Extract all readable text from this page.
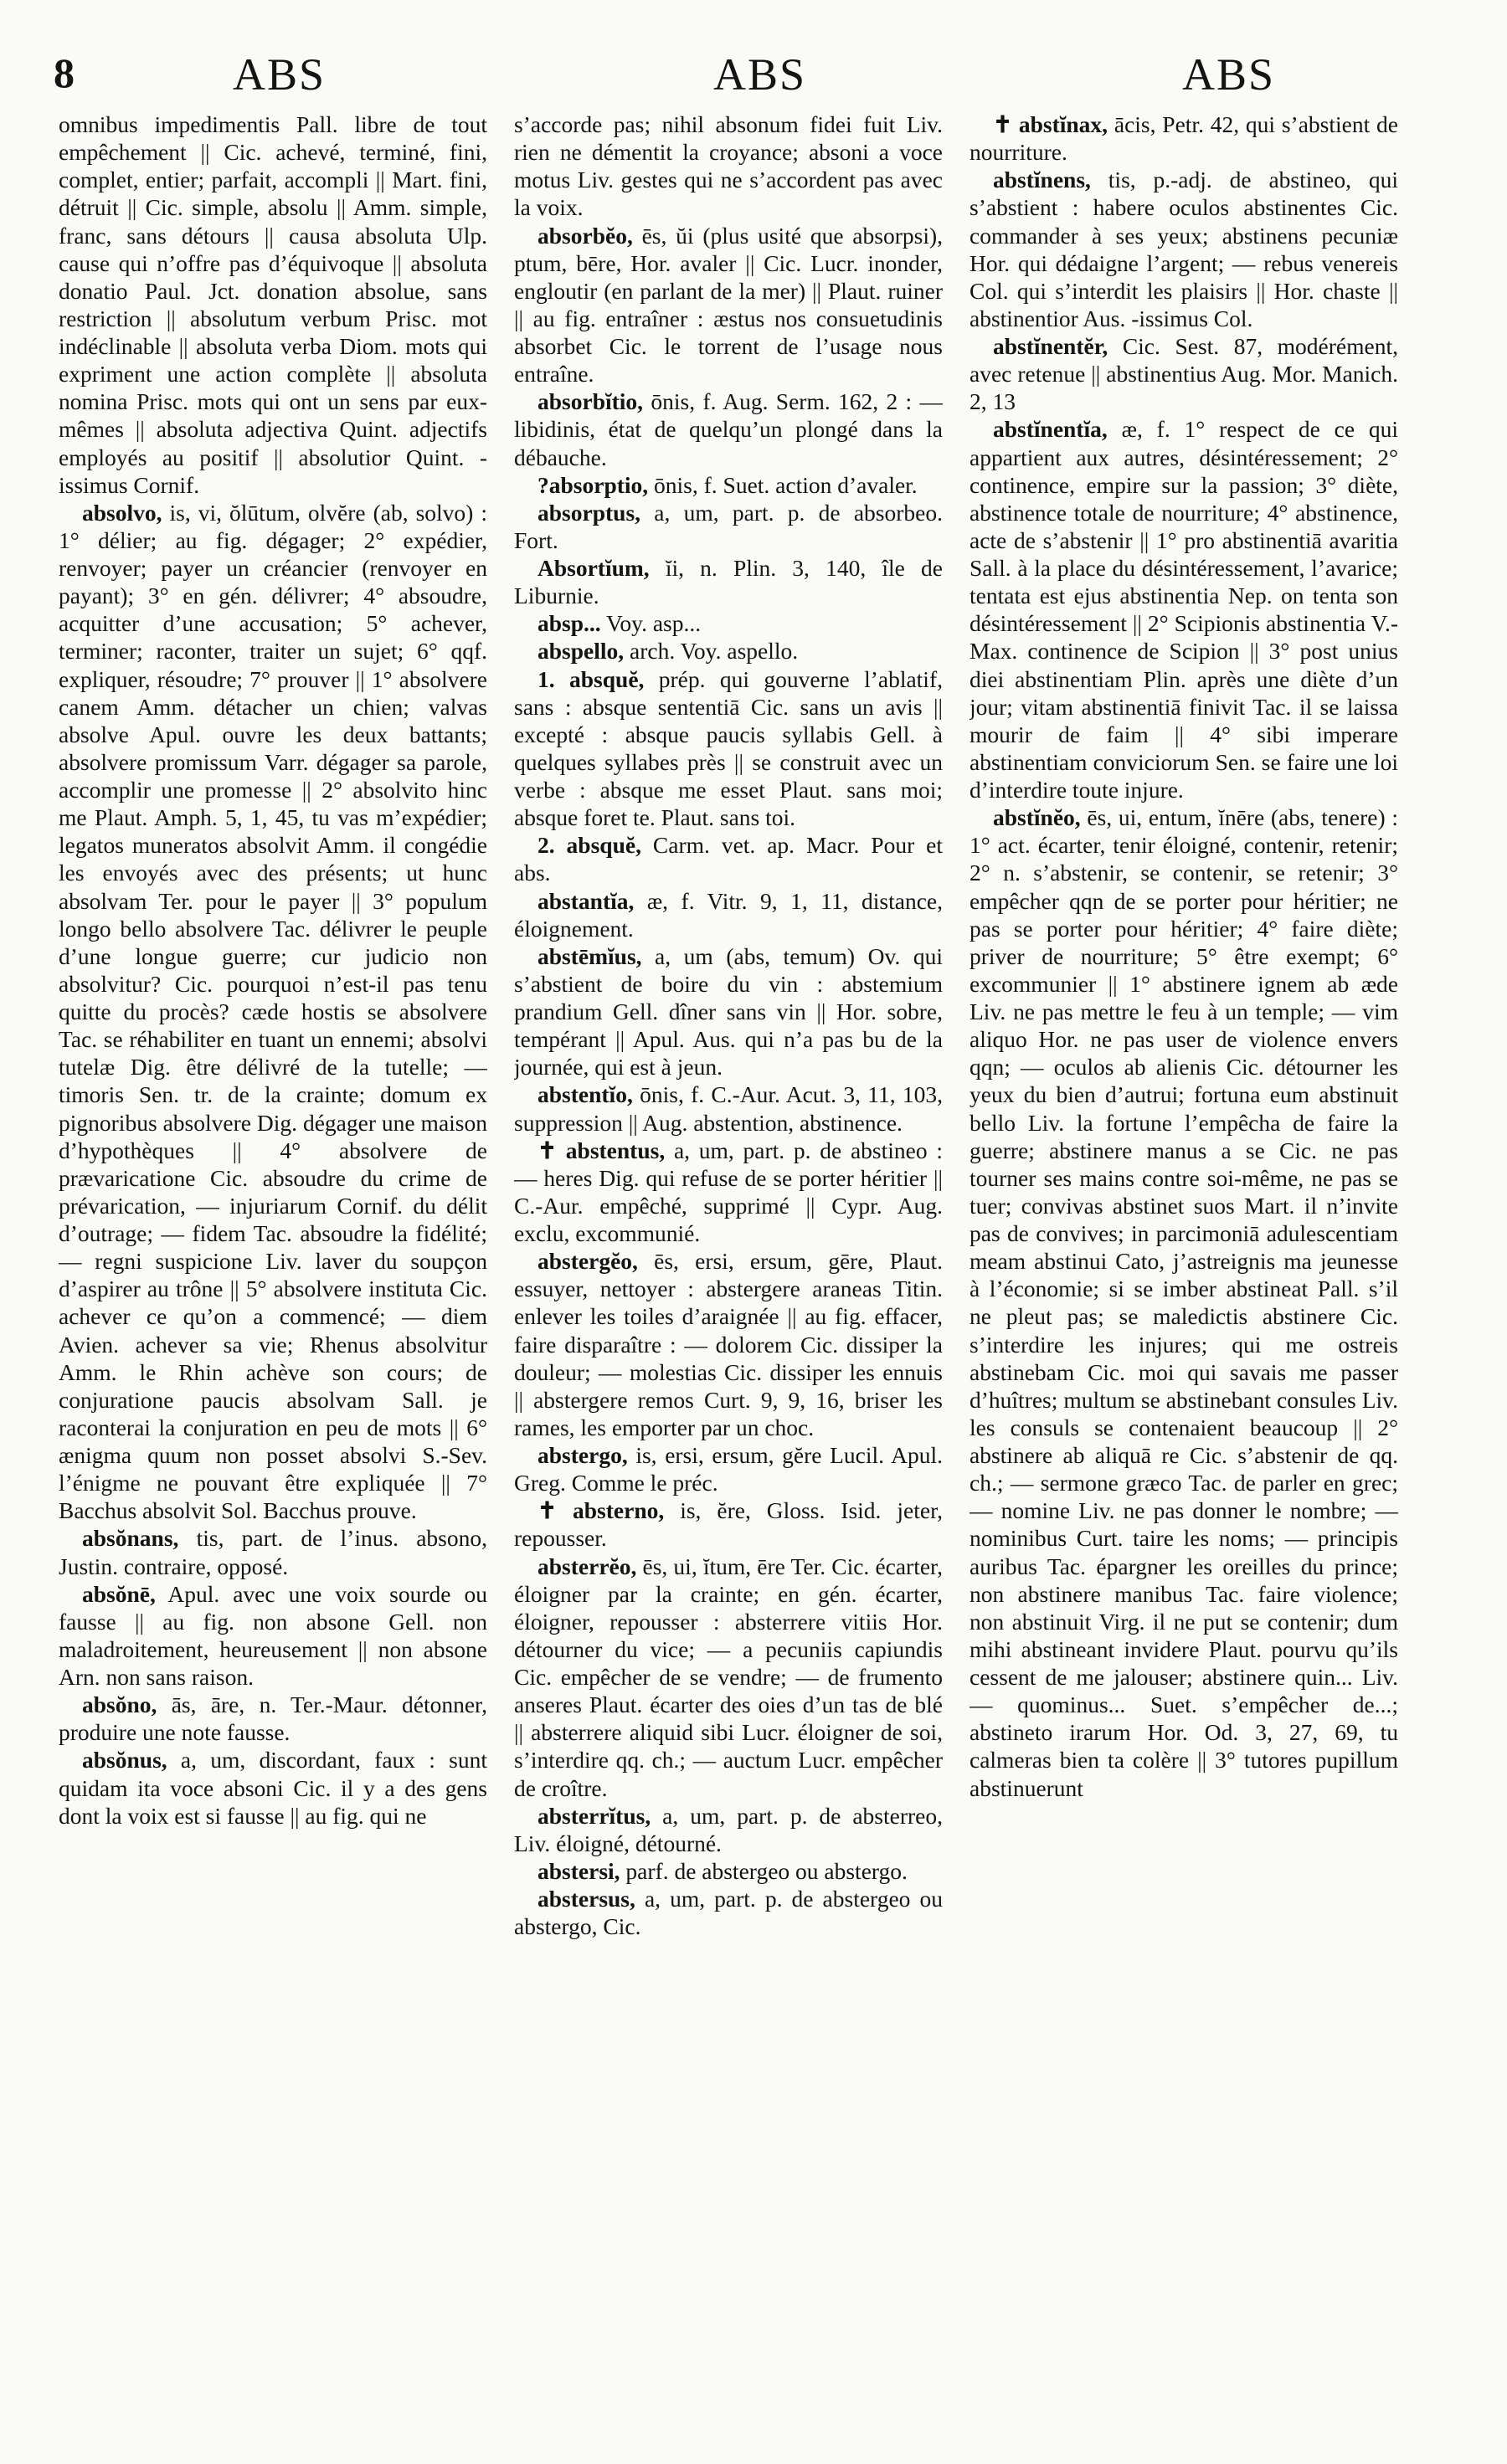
8	ABS	ABS	ABS

omnibus impedimentis Pall. libre de tout empêchement || Cic. achevé, terminé, fini, complet, entier; parfait, accompli || Mart. fini, détruit || Cic. simple, absolu || Amm. simple, franc, sans détours || causa absoluta Ulp. cause qui n’offre pas d’équivoque || absoluta donatio Paul. Jct. donation absolue, sans restriction || absolutum verbum Prisc. mot indéclinable || absoluta verba Diom. mots qui expriment une action complète || absoluta nomina Prisc. mots qui ont un sens par eux-mêmes || absoluta adjectiva Quint. adjectifs employés au positif || absolutior Quint. -issimus Cornif.

absolvo, is, vi, ŏlūtum, olvĕre (ab, solvo) : 1° délier; au fig. dégager; 2° expédier, renvoyer; payer un créancier (renvoyer en payant); 3° en gén. délivrer; 4° absoudre, acquitter d’une accusation; 5° achever, terminer; raconter, traiter un sujet; 6° qqf. expliquer, résoudre; 7° prouver || 1° absolvere canem Amm. détacher un chien; valvas absolve Apul. ouvre les deux battants; absolvere promissum Varr. dégager sa parole, accomplir une promesse || 2° absolvito hinc me Plaut. Amph. 5, 1, 45, tu vas m’expédier; legatos muneratos absolvit Amm. il congédie les envoyés avec des présents; ut hunc absolvam Ter. pour le payer || 3° populum longo bello absolvere Tac. délivrer le peuple d’une longue guerre; cur judicio non absolvitur? Cic. pourquoi n’est-il pas tenu quitte du procès? cæde hostis se absolvere Tac. se réhabiliter en tuant un ennemi; absolvi tutelæ Dig. être délivré de la tutelle; — timoris Sen. tr. de la crainte; domum ex pignoribus absolvere Dig. dégager une maison d’hypothèques || 4° absolvere de prævaricatione Cic. absoudre du crime de prévarication, — injuriarum Cornif. du délit d’outrage; — fidem Tac. absoudre la fidélité; — regni suspicione Liv. laver du soupçon d’aspirer au trône || 5° absolvere instituta Cic. achever ce qu’on a commencé; — diem Avien. achever sa vie; Rhenus absolvitur Amm. le Rhin achève son cours; de conjuratione paucis absolvam Sall. je raconterai la conjuration en peu de mots || 6° ænigma quum non posset absolvi S.-Sev. l’énigme ne pouvant être expliquée || 7° Bacchus absolvit Sol. Bacchus prouve.

absŏnans, tis, part. de l’inus. absono, Justin. contraire, opposé.

absŏnē, Apul. avec une voix sourde ou fausse || au fig. non absone Gell. non maladroitement, heureusement || non absone Arn. non sans raison.

absŏno, ās, āre, n. Ter.-Maur. détonner, produire une note fausse.

absŏnus, a, um, discordant, faux : sunt quidam ita voce absoni Cic. il y a des gens dont la voix est si fausse || au fig. qui ne

s’accorde pas; nihil absonum fidei fuit Liv. rien ne démentit la croyance; absoni a voce motus Liv. gestes qui ne s’accordent pas avec la voix.

absorbĕo, ēs, ŭi (plus usité que absorpsi), ptum, bēre, Hor. avaler || Cic. Lucr. inonder, engloutir (en parlant de la mer) || Plaut. ruiner || au fig. entraîner : æstus nos consuetudinis absorbet Cic. le torrent de l’usage nous entraîne.

absorbĭtio, ōnis, f. Aug. Serm. 162, 2 : — libidinis, état de quelqu’un plongé dans la débauche.

?absorptio, ōnis, f. Suet. action d’avaler.

absorptus, a, um, part. p. de absorbeo. Fort.

Absortĭum, ĭi, n. Plin. 3, 140, île de Liburnie.

absp... Voy. asp...

abspello, arch. Voy. aspello.

1. absquĕ, prép. qui gouverne l’ablatif, sans : absque sententiā Cic. sans un avis || excepté : absque paucis syllabis Gell. à quelques syllabes près || se construit avec un verbe : absque me esset Plaut. sans moi; absque foret te. Plaut. sans toi.

2. absquĕ, Carm. vet. ap. Macr. Pour et abs.

abstantĭa, æ, f. Vitr. 9, 1, 11, distance, éloignement.

abstēmĭus, a, um (abs, temum) Ov. qui s’abstient de boire du vin : abstemium prandium Gell. dîner sans vin || Hor. sobre, tempérant || Apul. Aus. qui n’a pas bu de la journée, qui est à jeun.

abstentĭo, ōnis, f. C.-Aur. Acut. 3, 11, 103, suppression || Aug. abstention, abstinence.

✝ abstentus, a, um, part. p. de abstineo : — heres Dig. qui refuse de se porter héritier || C.-Aur. empêché, supprimé || Cypr. Aug. exclu, excommunié.

abstergĕo, ēs, ersi, ersum, gēre, Plaut. essuyer, nettoyer : abstergere araneas Titin. enlever les toiles d’araignée || au fig. effacer, faire disparaître : — dolorem Cic. dissiper la douleur; — molestias Cic. dissiper les ennuis || abstergere remos Curt. 9, 9, 16, briser les rames, les emporter par un choc.

abstergo, is, ersi, ersum, gĕre Lucil. Apul. Greg. Comme le préc.

✝ absterno, is, ĕre, Gloss. Isid. jeter, repousser.

absterrĕo, ēs, ui, ĭtum, ēre Ter. Cic. écarter, éloigner par la crainte; en gén. écarter, éloigner, repousser : absterrere vitiis Hor. détourner du vice; — a pecuniis capiundis Cic. empêcher de se vendre; — de frumento anseres Plaut. écarter des oies d’un tas de blé || absterrere aliquid sibi Lucr. éloigner de soi, s’interdire qq. ch.; — auctum Lucr. empêcher de croître.

absterrĭtus, a, um, part. p. de absterreo, Liv. éloigné, détourné.

abstersi, parf. de abstergeo ou abstergo.

abstersus, a, um, part. p. de abstergeo ou abstergo, Cic.

✝ abstĭnax, ācis, Petr. 42, qui s’abstient de nourriture.

abstĭnens, tis, p.-adj. de abstineo, qui s’abstient : habere oculos abstinentes Cic. commander à ses yeux; abstinens pecuniæ Hor. qui dédaigne l’argent; — rebus venereis Col. qui s’interdit les plaisirs || Hor. chaste || abstinentior Aus. -issimus Col.

abstĭnentĕr, Cic. Sest. 87, modérément, avec retenue || abstinentius Aug. Mor. Manich. 2, 13

abstĭnentĭa, æ, f. 1° respect de ce qui appartient aux autres, désintéressement; 2° continence, empire sur la passion; 3° diète, abstinence totale de nourriture; 4° abstinence, acte de s’abstenir || 1° pro abstinentiā avaritia Sall. à la place du désintéressement, l’avarice; tentata est ejus abstinentia Nep. on tenta son désintéressement || 2° Scipionis abstinentia V.-Max. continence de Scipion || 3° post unius diei abstinentiam Plin. après une diète d’un jour; vitam abstinentiā finivit Tac. il se laissa mourir de faim || 4° sibi imperare abstinentiam conviciorum Sen. se faire une loi d’interdire toute injure.

abstĭnĕo, ēs, ui, entum, ĭnēre (abs, tenere) : 1° act. écarter, tenir éloigné, contenir, retenir; 2° n. s’abstenir, se contenir, se retenir; 3° empêcher qqn de se porter pour héritier; ne pas se porter pour héritier; 4° faire diète; priver de nourriture; 5° être exempt; 6° excommunier || 1° abstinere ignem ab æde Liv. ne pas mettre le feu à un temple; — vim aliquo Hor. ne pas user de violence envers qqn; — oculos ab alienis Cic. détourner les yeux du bien d’autrui; fortuna eum abstinuit bello Liv. la fortune l’empêcha de faire la guerre; abstinere manus a se Cic. ne pas tourner ses mains contre soi-même, ne pas se tuer; convivas abstinet suos Mart. il n’invite pas de convives; in parcimoniā adulescentiam meam abstinui Cato, j’astreignis ma jeunesse à l’économie; si se imber abstineat Pall. s’il ne pleut pas; se maledictis abstinere Cic. s’interdire les injures; qui me ostreis abstinebam Cic. moi qui savais me passer d’huîtres; multum se abstinebant consules Liv. les consuls se contenaient beaucoup || 2° abstinere ab aliquā re Cic. s’abstenir de qq. ch.; — sermone græco Tac. de parler en grec; — nomine Liv. ne pas donner le nombre; — nominibus Curt. taire les noms; — principis auribus Tac. épargner les oreilles du prince; non abstinere manibus Tac. faire violence; non abstinuit Virg. il ne put se contenir; dum mihi abstineant invidere Plaut. pourvu qu’ils cessent de me jalouser; abstinere quin... Liv. — quominus... Suet. s’empêcher de...; abstineto irarum Hor. Od. 3, 27, 69, tu calmeras bien ta colère || 3° tutores pupillum abstinuerunt
